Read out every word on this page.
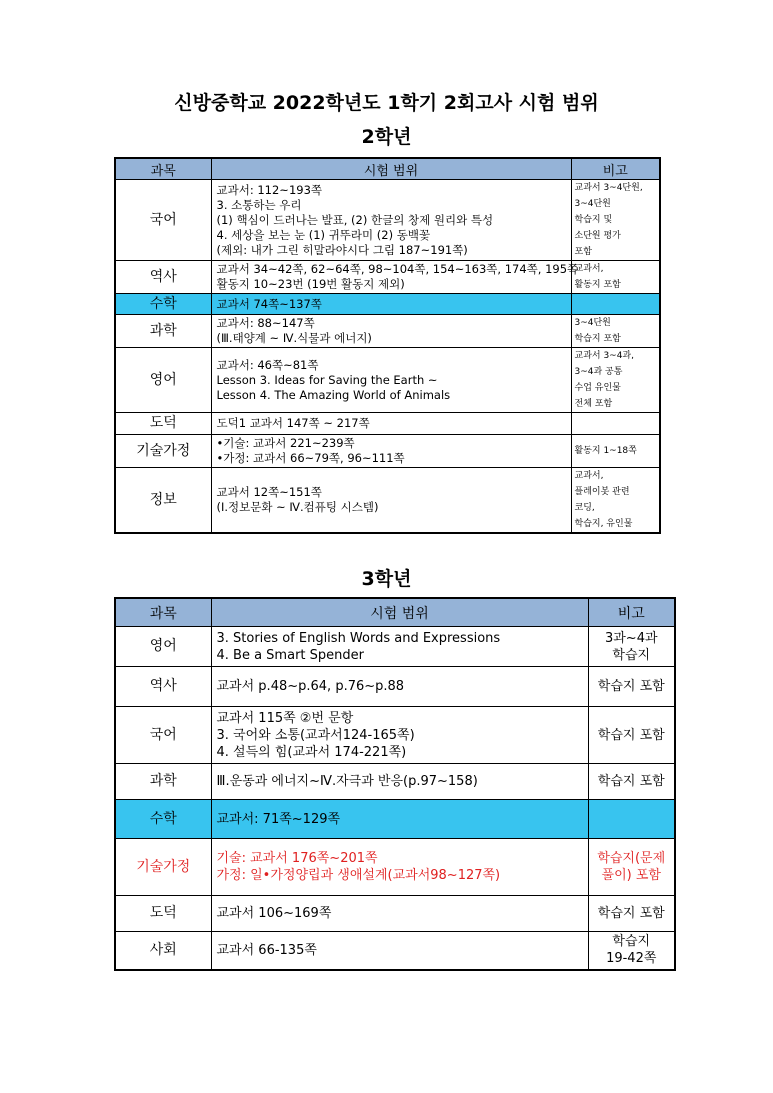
신방중학교 2022학년도 1학기 2회고사 시험 범위
2학년
과목	시험 범위	비고
국어	교과서: 112~193쪽
3. 소통하는 우리
(1) 핵심이 드러나는 발표, (2) 한글의 창제 원리와 특성
4. 세상을 보는 눈 (1) 귀뚜라미 (2) 동백꽃
(제외: 내가 그린 히말라야시다 그림 187~191쪽)	교과서 3~4단원,
3~4단원
학습지 및
소단원 평가
포함

역사	교과서 34~42쪽, 62~64쪽, 98~104쪽, 154~163쪽, 174쪽, 195쪽
활동지 10~23번 (19번 활동지 제외)	교과서,
활동지 포함

수학	교과서 74쪽~137쪽	

과학	교과서: 88~147쪽
(Ⅲ.태양계 ~ Ⅳ.식물과 에너지)	3~4단원
학습지 포함

영어	교과서: 46쪽~81쪽
Lesson 3. Ideas for Saving the Earth ~
Lesson 4. The Amazing World of Animals	교과서 3~4과,
3~4과 공통
수업 유인물
전체 포함

도덕	도덕1 교과서 147쪽 ~ 217쪽	

기술가정	•기술: 교과서 221~239쪽
•가정: 교과서 66~79쪽, 96~111쪽	활동지 1~18쪽

정보	교과서 12쪽~151쪽
(Ⅰ.정보문화 ~ Ⅳ.컴퓨팅 시스템)	교과서,
플레이봇 관련
코딩,
학습지, 유인물
3학년
과목	시험 범위	비고
영어	3. Stories of English Words and Expressions
4. Be a Smart Spender	3과~4과
학습지

역사	교과서 p.48~p.64, p.76~p.88	학습지 포함

국어	교과서 115쪽 ②번 문항
3. 국어와 소통(교과서124-165쪽)
4. 설득의 힘(교과서 174-221쪽)	학습지 포함

과학	Ⅲ.운동과 에너지~Ⅳ.자극과 반응(p.97~158)	학습지 포함

수학	교과서: 71쪽~129쪽	

기술가정	기술: 교과서 176쪽~201쪽
가정: 일•가정양립과 생애설계(교과서98~127쪽)	학습지(문제
풀이) 포함

도덕	교과서 106~169쪽	학습지 포함

사회	교과서 66-135쪽	학습지
19-42쪽
